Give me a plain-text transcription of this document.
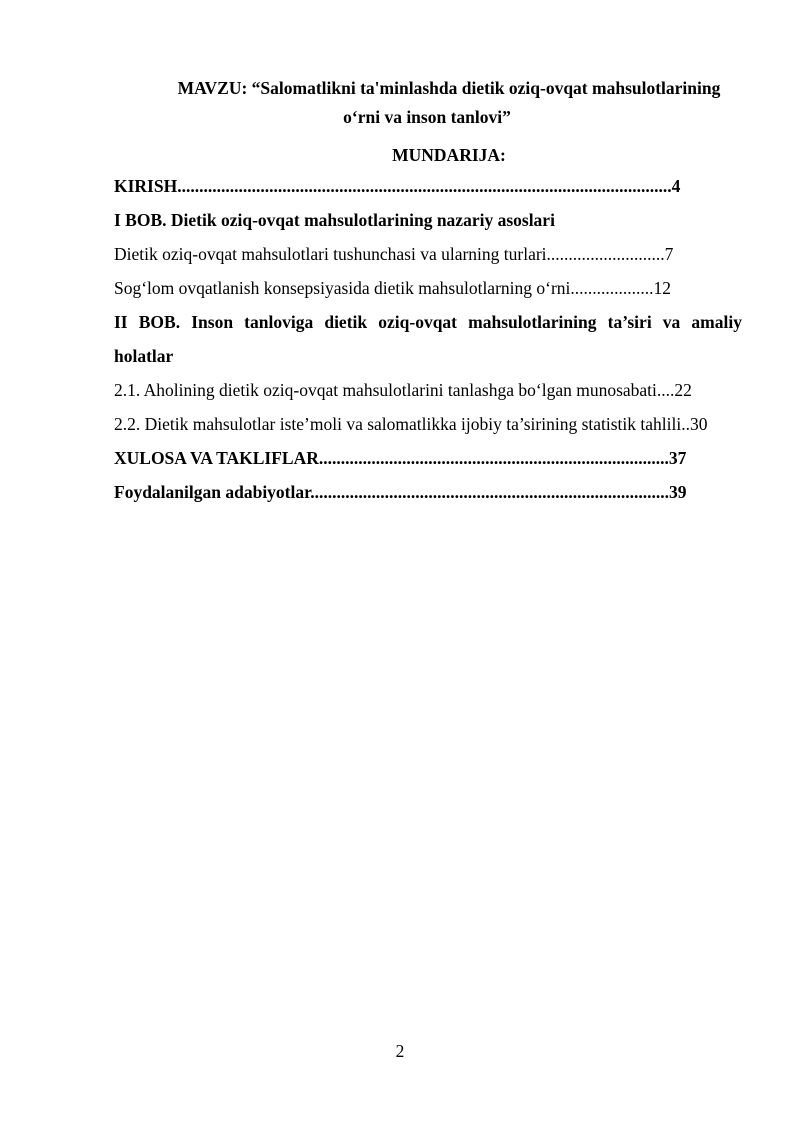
MAVZU: “Salomatlikni ta'minlashda dietik oziq-ovqat mahsulotlarining
o‘rni va inson tanlovi”
MUNDARIJA:

KIRISH.................................................................................................................4

I BOB. Dietik oziq-ovqat mahsulotlarining nazariy asoslari

Dietik oziq-ovqat mahsulotlari tushunchasi va ularning turlari...........................7

Sog‘lom ovqatlanish konsepsiyasida dietik mahsulotlarning o‘rni...................12

II BOB. Inson tanloviga dietik oziq-ovqat mahsulotlarining ta’siri va amaliy holatlar

2.1. Aholining dietik oziq-ovqat mahsulotlarini tanlashga bo‘lgan munosabati....22

2.2. Dietik mahsulotlar iste’moli va salomatlikka ijobiy ta’sirining statistik tahlili..30

XULOSA VA TAKLIFLAR................................................................................37

Foydalanilgan adabiyotlar..................................................................................39

2
